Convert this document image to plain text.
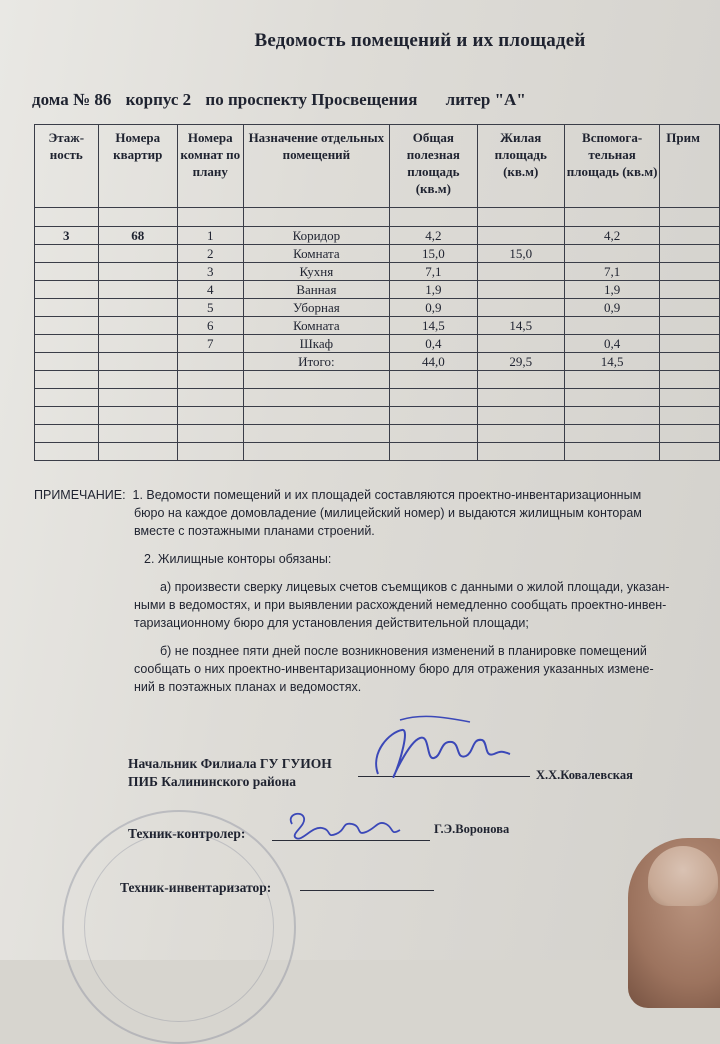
Ведомость помещений и их площадей
дома № 86 корпус 2 по проспекту Просвещения литер "А"
Этаж-ность	Номера квартир	Номера комнат по плану	Назначение отдельных помещений	Общая полезная площадь (кв.м)	Жилая площадь (кв.м)	Вспомога-тельная площадь (кв.м)	Прим

3	68	1	Коридор	4,2		4,2	
		2	Комната	15,0	15,0		
		3	Кухня	7,1		7,1	
		4	Ванная	1,9		1,9	
		5	Уборная	0,9		0,9	
		6	Комната	14,5	14,5		
		7	Шкаф	0,4		0,4	
			Итого:	44,0	29,5	14,5	

ПРИМЕЧАНИЕ: 1. Ведомости помещений и их площадей составляются проектно-инвентаризационным

бюро на каждое домовладение (милицейский номер) и выдаются жилищным конторам

вместе с поэтажными планами строений.

2. Жилищные конторы обязаны:

а) произвести сверку лицевых счетов съемщиков с данными о жилой площади, указан-

ными в ведомостях, и при выявлении расхождений немедленно сообщать проектно-инвен-

таризационному бюро для установления действительной площади;

б) не позднее пяти дней после возникновения изменений в планировке помещений

сообщать о них проектно-инвентаризационному бюро для отражения указанных измене-

ний в поэтажных планах и ведомостях.

Начальник Филиала ГУ ГУИОН
ПИБ Калининского района	Х.Х.Ковалевская
Техник-контролер:	Г.Э.Воронова
Техник-инвентаризатор:
